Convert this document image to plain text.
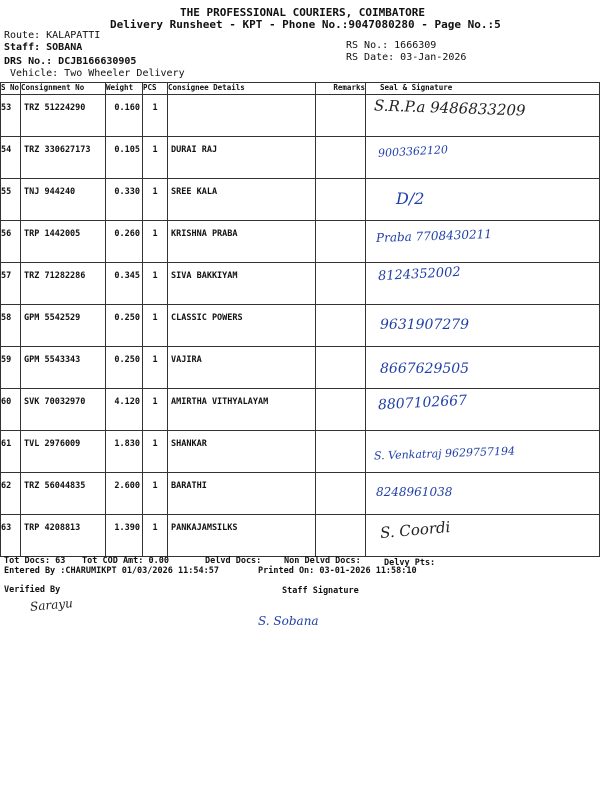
THE PROFESSIONAL COURIERS, COIMBATORE
Delivery Runsheet - KPT - Phone No.:9047080280 - Page No.:5
Route: KALAPATTI
Staff: SOBANA
DRS No.: DCJB166630905
Vehicle: Two Wheeler Delivery
RS No.: 1666309
RS Date: 03-Jan-2026
S No	Consignment No	Weight	PCS	Consignee Details	Remarks	Seal & Signature
53	TRZ 51224290	0.160	1			S.R.P.a 9486833209

54	TRZ 330627173	0.105	1	DURAI RAJ		9003362120

55	TNJ 944240	0.330	1	SREE KALA		D/2

56	TRP 1442005	0.260	1	KRISHNA PRABA		Praba 7708430211

57	TRZ 71282286	0.345	1	SIVA BAKKIYAM		8124352002

58	GPM 5542529	0.250	1	CLASSIC POWERS		9631907279

59	GPM 5543343	0.250	1	VAJIRA		8667629505

60	SVK 70032970	4.120	1	AMIRTHA VITHYALAYAM		8807102667

61	TVL 2976009	1.830	1	SHANKAR		S. Venkatraj 9629757194

62	TRZ 56044835	2.600	1	BARATHI		8248961038

63	TRP 4208813	1.390	1	PANKAJAMSILKS		S. Coordi
Tot Docs: 63 Tot COD Amt: 0.00	Delvd Docs:	Non Delvd Docs:	Delvy Pts:
Entered By :CHARUMIKPT 01/03/2026 11:54:57	Printed On: 03-01-2026 11:58:10
Verified By	Staff Signature
Sarayu
S. Sobana
